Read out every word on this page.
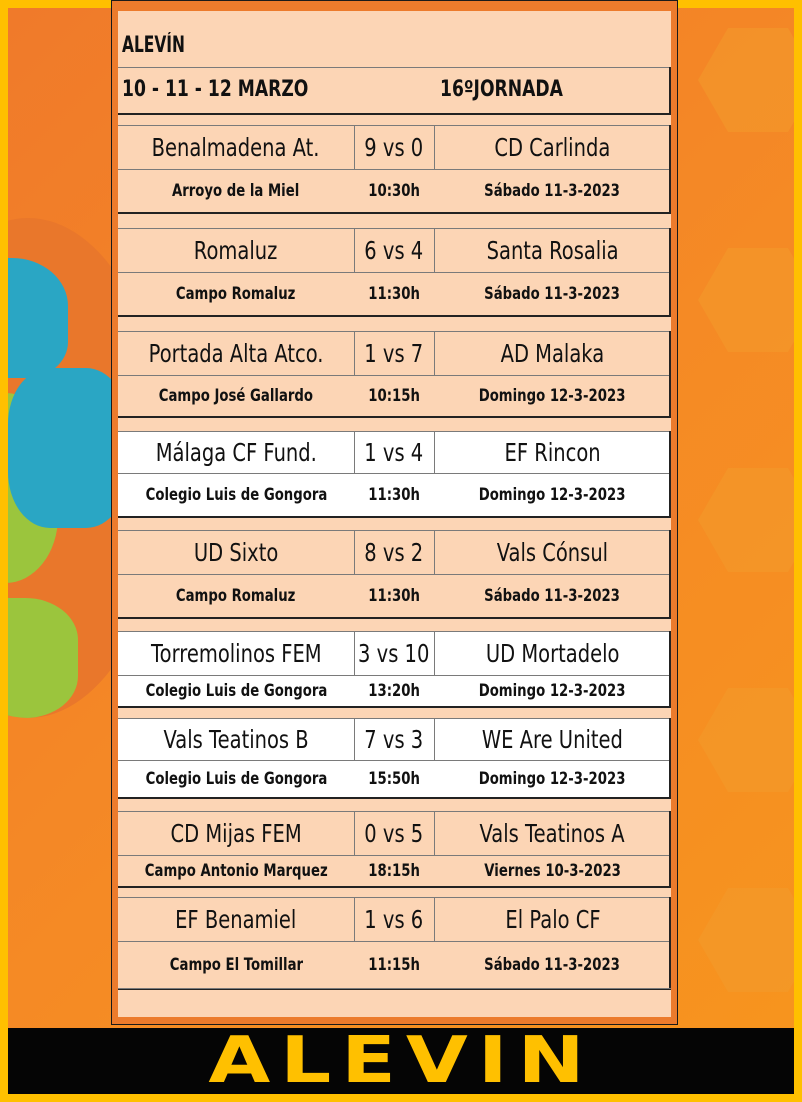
ALEVÍN
10 - 11 - 12 MARZO	16ºJORNADA
Benalmadena At. 9 vs 0	CD Carlinda
Arroyo de la Miel	10:30h	Sábado 11-3-2023
Romaluz	6 vs 4	Santa Rosalia
Campo Romaluz	11:30h	Sábado 11-3-2023
Portada Alta Atco. 1 vs 7	AD Malaka
Campo José Gallardo	10:15h	Domingo 12-3-2023
Málaga CF Fund. 1 vs 4	EF Rincon
Colegio Luis de Gongora 11:30h	Domingo 12-3-2023
UD Sixto	8 vs 2	Vals Cónsul
Campo Romaluz	11:30h	Sábado 11-3-2023
Torremolinos FEM 3 vs 10 UD Mortadelo
Colegio Luis de Gongora 13:20h	Domingo 12-3-2023
Vals Teatinos B 7 vs 3 WE Are United
Colegio Luis de Gongora 15:50h	Domingo 12-3-2023
CD Mijas FEM	0 vs 5 Vals Teatinos A
Campo Antonio Marquez 18:15h	Viernes 10-3-2023
EF Benamiel	1 vs 6	El Palo CF
Campo El Tomillar	11:15h	Sábado 11-3-2023
ALEVIN
